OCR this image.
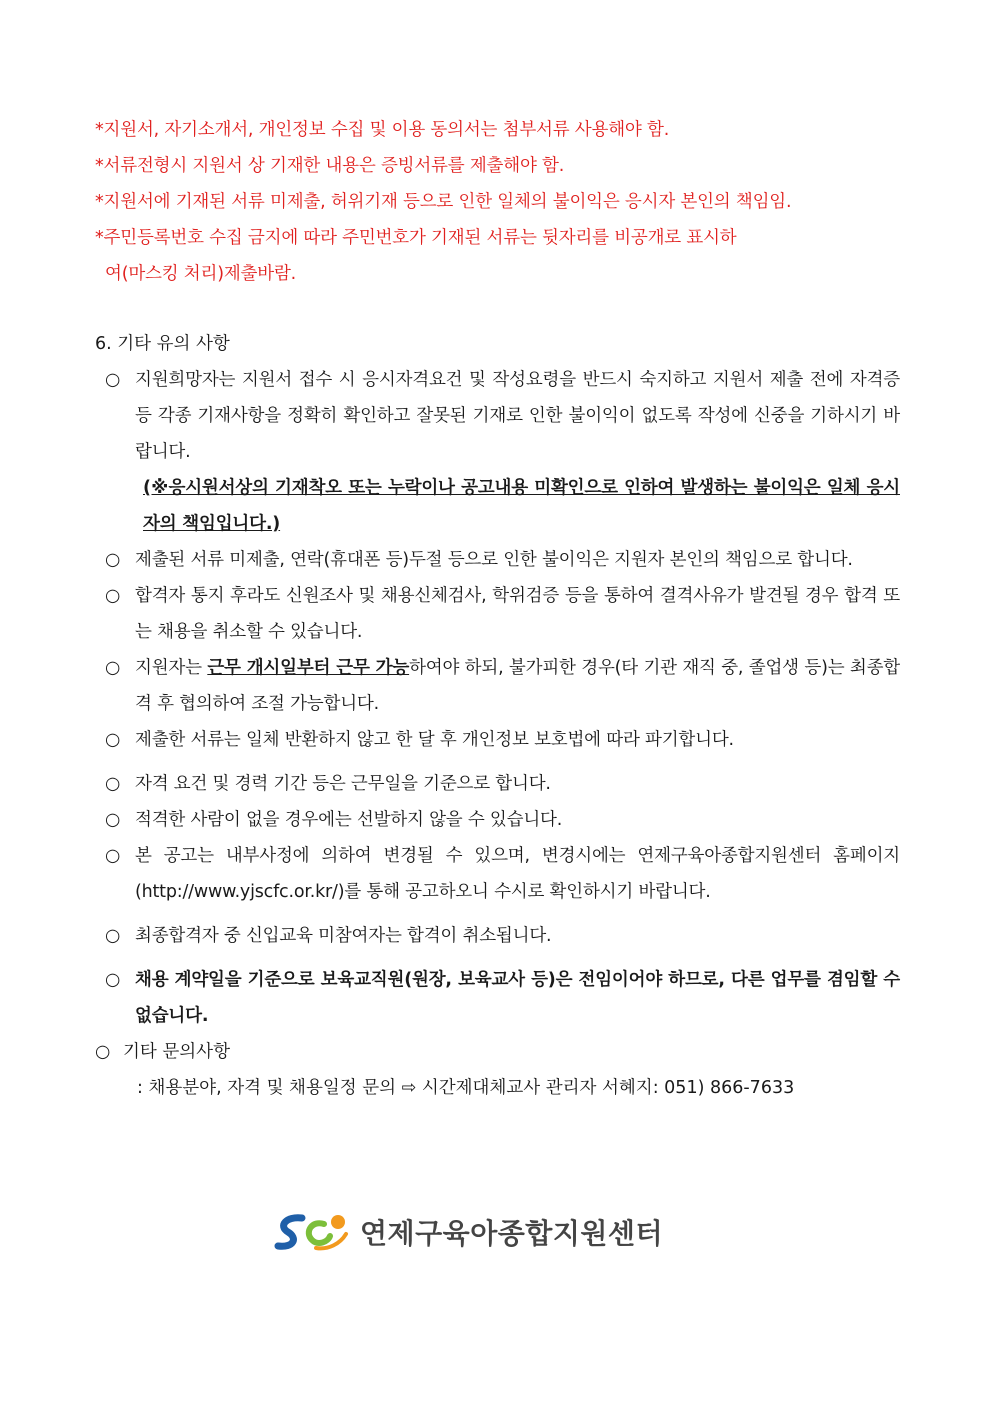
*지원서, 자기소개서, 개인정보 수집 및 이용 동의서는 첨부서류 사용해야 함.
*서류전형시 지원서 상 기재한 내용은 증빙서류를 제출해야 함.
*지원서에 기재된 서류 미제출, 허위기재 등으로 인한 일체의 불이익은 응시자 본인의 책임임.
*주민등록번호 수집 금지에 따라 주민번호가 기재된 서류는 뒷자리를 비공개로 표시하
여(마스킹 처리)제출바람.
6. 기타 유의 사항
○ 지원희망자는 지원서 접수 시 응시자격요건 및 작성요령을 반드시 숙지하고 지원서 제출 전에 자격증 등 각종 기재사항을 정확히 확인하고 잘못된 기재로 인한 불이익이 없도록 작성에 신중을 기하시기 바랍니다.
(※응시원서상의 기재착오 또는 누락이나 공고내용 미확인으로 인하여 발생하는 불이익은 일체 응시자의 책임입니다.)
○ 제출된 서류 미제출, 연락(휴대폰 등)두절 등으로 인한 불이익은 지원자 본인의 책임으로 합니다.
○ 합격자 통지 후라도 신원조사 및 채용신체검사, 학위검증 등을 통하여 결격사유가 발견될 경우 합격 또는 채용을 취소할 수 있습니다.
○ 지원자는 근무 개시일부터 근무 가능하여야 하되, 불가피한 경우(타 기관 재직 중, 졸업생 등)는 최종합격 후 협의하여 조절 가능합니다.
○ 제출한 서류는 일체 반환하지 않고 한 달 후 개인정보 보호법에 따라 파기합니다.
○ 자격 요건 및 경력 기간 등은 근무일을 기준으로 합니다.
○ 적격한 사람이 없을 경우에는 선발하지 않을 수 있습니다.
○ 본 공고는 내부사정에 의하여 변경될 수 있으며, 변경시에는 연제구육아종합지원센터 홈페이지(http://www.yjscfc.or.kr/)를 통해 공고하오니 수시로 확인하시기 바랍니다.
○ 최종합격자 중 신입교육 미참여자는 합격이 취소됩니다.
○ 채용 계약일을 기준으로 보육교직원(원장, 보육교사 등)은 전임이어야 하므로, 다른 업무를 겸임할 수 없습니다.
○ 기타 문의사항
: 채용분야, 자격 및 채용일정 문의 ⇨ 시간제대체교사 관리자 서혜지: 051) 866-7633
연제구육아종합지원센터
